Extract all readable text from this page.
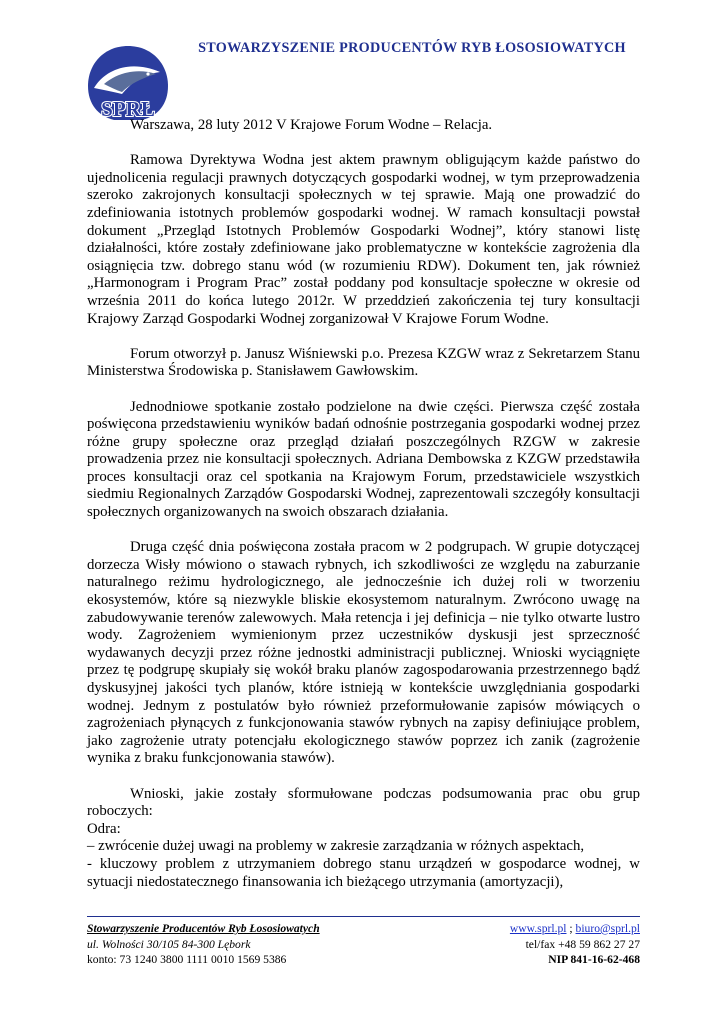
SPRŁ
STOWARZYSZENIE PRODUCENTÓW RYB ŁOSOSIOWATYCH

Warszawa, 28 luty 2012 V Krajowe Forum Wodne – Relacja.

Ramowa Dyrektywa Wodna jest aktem prawnym obligującym każde państwo do ujednolicenia regulacji prawnych dotyczących gospodarki wodnej, w tym przeprowadzenia szeroko zakrojonych konsultacji społecznych w tej sprawie. Mają one prowadzić do zdefiniowania istotnych problemów gospodarki wodnej. W ramach konsultacji powstał dokument „Przegląd Istotnych Problemów Gospodarki Wodnej”, który stanowi listę działalności, które zostały zdefiniowane jako problematyczne w kontekście zagrożenia dla osiągnięcia tzw. dobrego stanu wód (w rozumieniu RDW). Dokument ten, jak również „Harmonogram i Program Prac” został poddany pod konsultacje społeczne w okresie od września 2011 do końca lutego 2012r. W przeddzień zakończenia tej tury konsultacji Krajowy Zarząd Gospodarki Wodnej zorganizował V Krajowe Forum Wodne.

Forum otworzył p. Janusz Wiśniewski p.o. Prezesa KZGW wraz z Sekretarzem Stanu Ministerstwa Środowiska p. Stanisławem Gawłowskim.

Jednodniowe spotkanie zostało podzielone na dwie części. Pierwsza część została poświęcona przedstawieniu wyników badań odnośnie postrzegania gospodarki wodnej przez różne grupy społeczne oraz przegląd działań poszczególnych RZGW w zakresie prowadzenia przez nie konsultacji społecznych. Adriana Dembowska z KZGW przedstawiła proces konsultacji oraz cel spotkania na Krajowym Forum, przedstawiciele wszystkich siedmiu Regionalnych Zarządów Gospodarski Wodnej, zaprezentowali szczegóły konsultacji społecznych organizowanych na swoich obszarach działania.

Druga część dnia poświęcona została pracom w 2 podgrupach. W grupie dotyczącej dorzecza Wisły mówiono o stawach rybnych, ich szkodliwości ze względu na zaburzanie naturalnego reżimu hydrologicznego, ale jednocześnie ich dużej roli w tworzeniu ekosystemów, które są niezwykle bliskie ekosystemom naturalnym. Zwrócono uwagę na zabudowywanie terenów zalewowych. Mała retencja i jej definicja – nie tylko otwarte lustro wody. Zagrożeniem wymienionym przez uczestników dyskusji jest sprzeczność wydawanych decyzji przez różne jednostki administracji publicznej. Wnioski wyciągnięte przez tę podgrupę skupiały się wokół braku planów zagospodarowania przestrzennego bądź dyskusyjnej jakości tych planów, które istnieją w kontekście uwzględniania gospodarki wodnej. Jednym z postulatów było również przeformułowanie zapisów mówiących o zagrożeniach płynących z funkcjonowania stawów rybnych na zapisy definiujące problem, jako zagrożenie utraty potencjału ekologicznego stawów poprzez ich zanik (zagrożenie wynika z braku funkcjonowania stawów).

Wnioski, jakie zostały sformułowane podczas podsumowania prac obu grup roboczych:

Odra:
– zwrócenie dużej uwagi na problemy w zakresie zarządzania w różnych aspektach,
- kluczowy problem z utrzymaniem dobrego stanu urządzeń w gospodarce wodnej, w sytuacji niedostatecznego finansowania ich bieżącego utrzymania (amortyzacji),
Stowarzyszenie Producentów Ryb Łososiowatych	www.sprl.pl ; biuro@sprl.pl
ul. Wolności 30/105 84-300 Lębork	tel/fax +48 59 862 27 27
konto: 73 1240 3800 1111 0010 1569 5386	NIP 841-16-62-468
